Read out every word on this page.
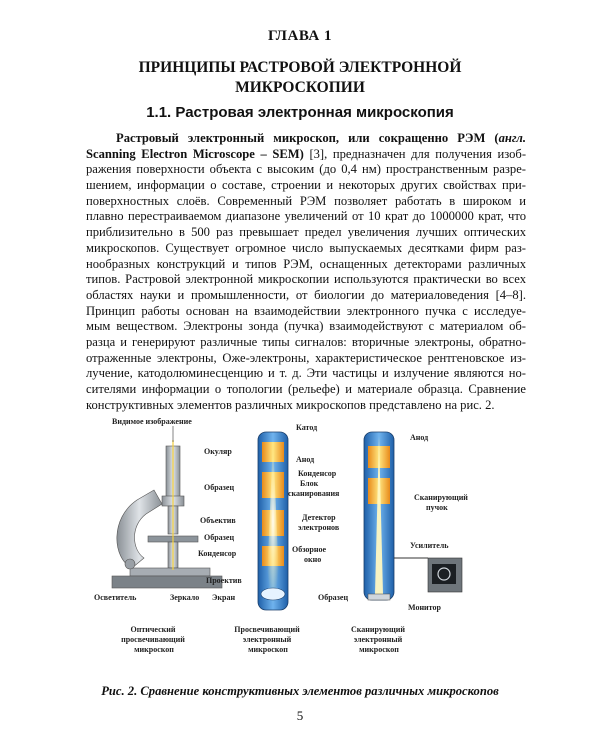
ГЛАВА 1
ПРИНЦИПЫ РАСТРОВОЙ ЭЛЕКТРОННОЙ
МИКРОСКОПИИ
1.1. Растровая электронная микроскопия
Растровый электронный микроскоп, или сокращенно РЭМ (англ.
Scanning Electron Microscope – SEM) [3], предназначен для получения изоб-
ражения поверхности объекта с высоким (до 0,4 нм) пространственным разре-
шением, информации о составе, строении и некоторых других свойствах при-
поверхностных слоёв. Современный РЭМ позволяет работать в широком и
плавно перестраиваемом диапазоне увеличений от 10 крат до 1000000 крат, что
приблизительно в 500 раз превышает предел увеличения лучших оптических
микроскопов. Существует огромное число выпускаемых десятками фирм раз-
нообразных конструкций и типов РЭМ, оснащенных детекторами различных
типов. Растровой электронной микроскопии используются практически во всех
областях науки и промышленности, от биологии до материаловедения [4–8].
Принцип работы основан на взаимодействии электронного пучка с исследуе-
мым веществом. Электроны зонда (пучка) взаимодействуют с материалом об-
разца и генерируют различные типы сигналов: вторичные электроны, обратно-
отраженные электроны, Оже-электроны, характеристическое рентгеновское из-
лучение, катодолюминесценцию и т. д. Эти частицы и излучение являются но-
сителями информации о топологии (рельефе) и материале образца. Сравнение
конструктивных элементов различных микроскопов представлено на рис. 2.
Видимое изображение
Окуляр
Образец
Объектив
Образец
Конденсор
Проектив
Осветитель	Зеркало Экран
Оптический просвечивающий микроскоп
Катод
Анод
Конденсор
Блок
сканирования
Детектор
электронов
Обзорное
окно
Просвечивающий электронный микроскоп
Анод
Сканирующий
пучок
Усилитель
Образец
Монитор
Сканирующий электронный микроскоп
Рис. 2. Сравнение конструктивных элементов различных микроскопов
5
